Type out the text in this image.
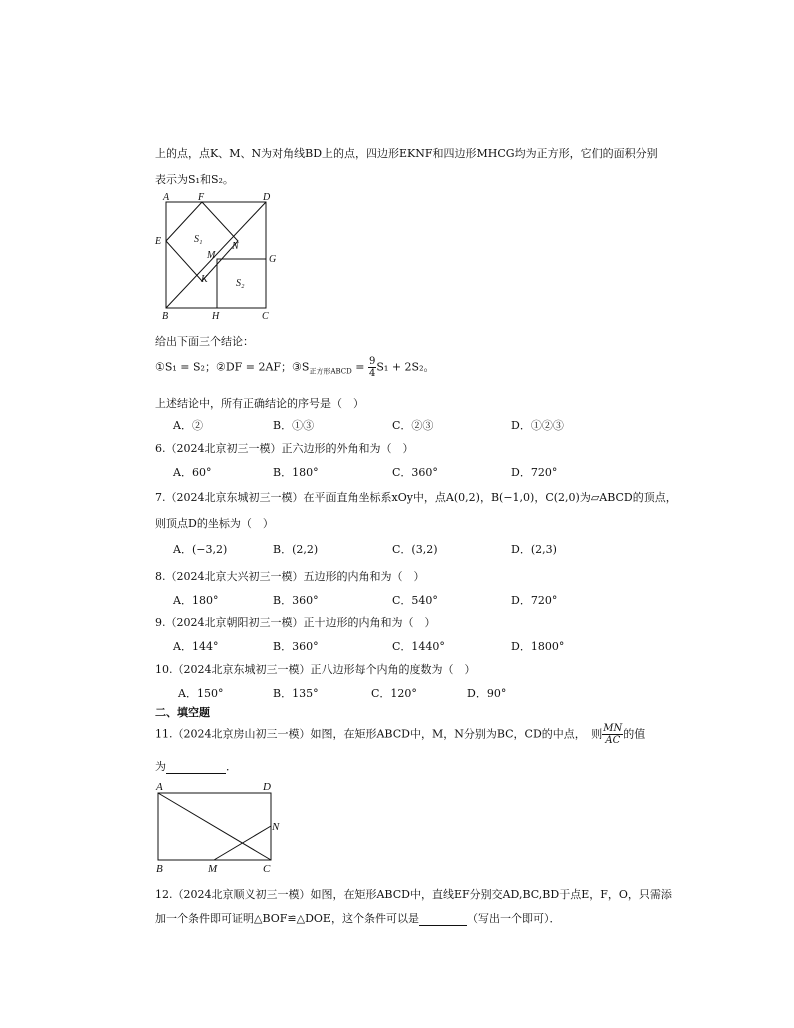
上的点，点K、M、N为对角线BD上的点，四边形EKNF和四边形MHCG均为正方形，它们的面积分别
表示为S₁和S₂。
A	F	D
E	S₁
N
M	G
K	S₂
B	H	C
给出下面三个结论：
①S₁ = S₂；②DF = 2AF；$③S_{正方形ABCD} = \frac{9}{4} S_1 + 2S_2$。
上述结论中，所有正确结论的序号是（　）
A．②	B．①③	C．②③	D．①②③
6.（2024北京初三一模）正六边形的外角和为（　）
A．60°	B．180°	C．360°	D．720°
7.（2024北京东城初三一模）在平面直角坐标系xOy中，点A(0,2)，B(−1,0)，C(2,0)为▱ABCD的顶点，
则顶点D的坐标为（　）
A．(−3,2)	B．(2,2)	C．(3,2)	D．(2,3)
8.（2024北京大兴初三一模）五边形的内角和为（　）
A．180°	B．360°	C．540°	D．720°
9.（2024北京朝阳初三一模）正十边形的内角和为（　）
A．144°	B．360°	C．1440°	D．1800°
10.（2024北京东城初三一模）正八边形每个内角的度数为（　）
A．150°	B．135°	C．120°	D．90°
二、填空题
11.（2024北京房山初三一模）如图，在矩形ABCD中，M，N分别为BC，CD的中点，　则 $\frac{MN}{AC}$ 的值
为	．
A	D
N
B	M	C
12.（2024北京顺义初三一模）如图，在矩形ABCD中，直线EF分别交AD,BC,BD于点E，F，O，只需添
加一个条件即可证明△BOF≌△DOE，这个条件可以是	（写出一个即可）．
